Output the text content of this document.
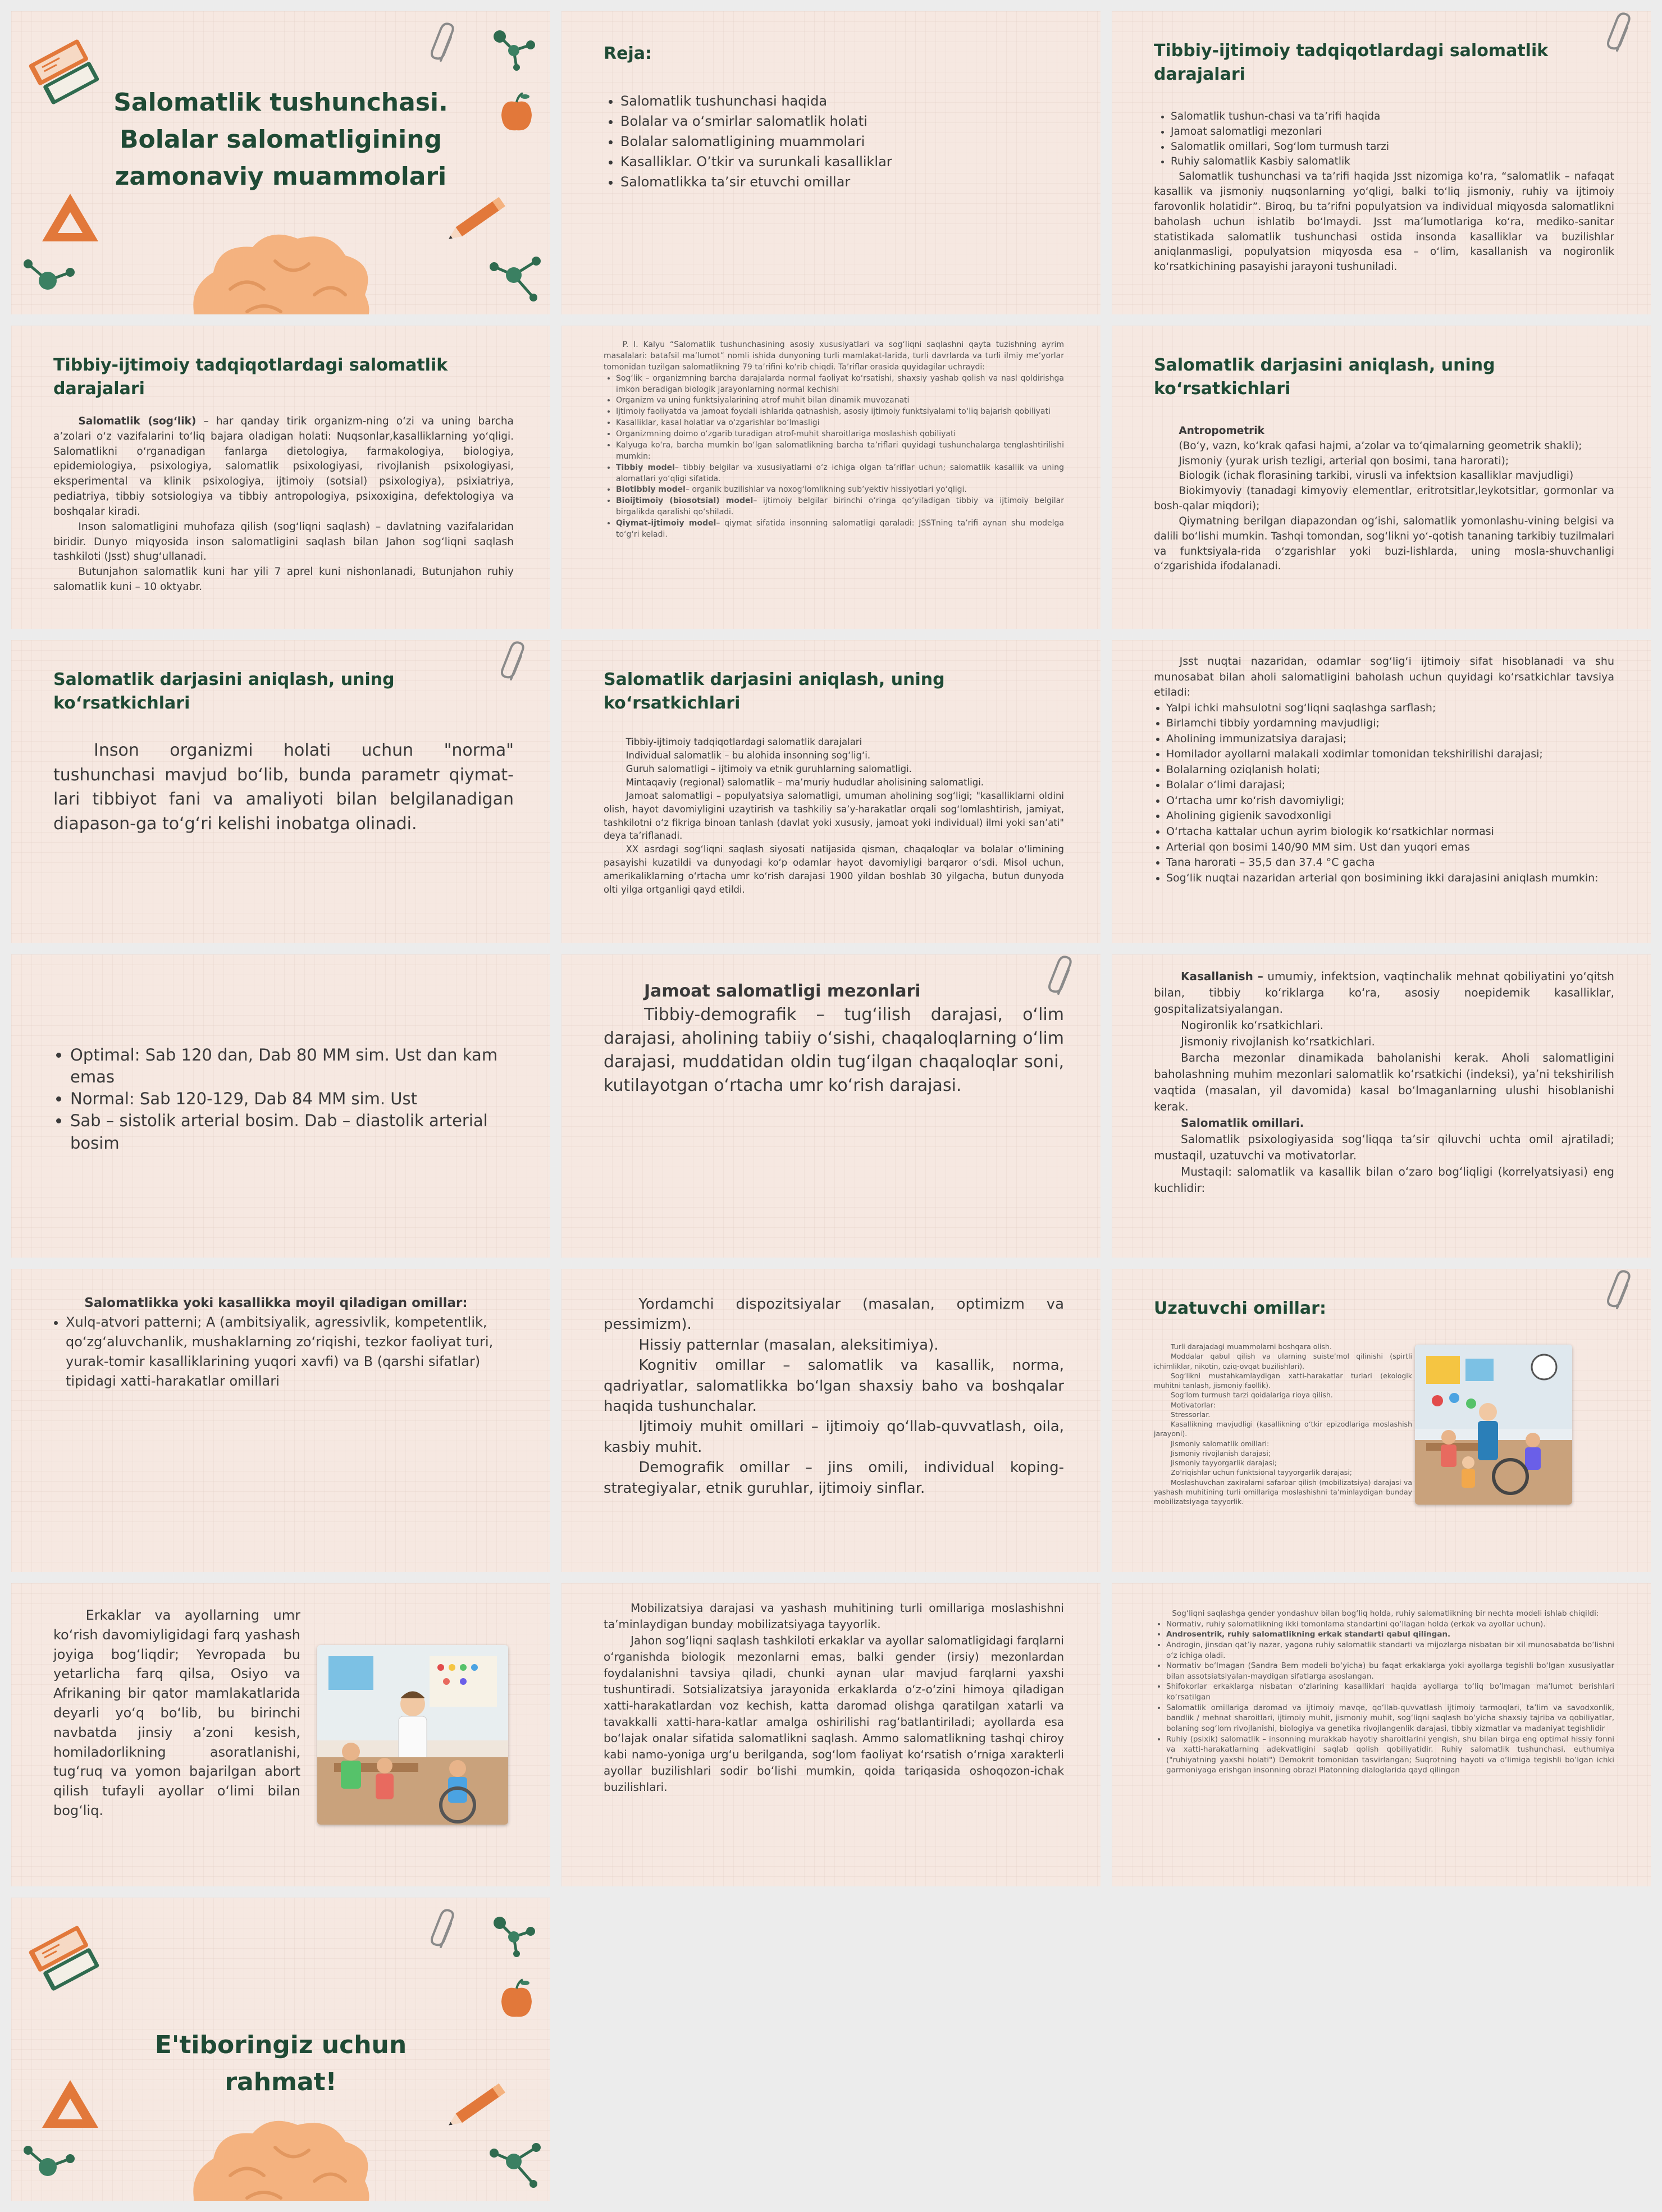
Salomatlik tushunchasi. Bolalar salomatligining zamonaviy muammolari
Reja:
• Salomatlik tushunchasi haqida
• Bolalar va o‘smirlar salomatlik holati
• Bolalar salomatligining muammolari
• Kasalliklar. O’tkir va surunkali kasalliklar
• Salomatlikka ta’sir etuvchi omillar
Tibbiy-ijtimoiy tadqiqotlardagi salomatlik darajalari
• Salomatlik tushun-chasi va ta’rifi haqida
• Jamoat salomatligi mezonlari
• Salomatlik omillari, Sog‘lom turmush tarzi
• Ruhiy salomatlik Kasbiy salomatlik

Salomatlik tushunchasi va ta’rifi haqida Jsst nizomiga ko‘ra, “salomatlik – nafaqat kasallik va jismoniy nuqsonlarning yo‘qligi, balki to‘liq jismoniy, ruhiy va ijtimoiy farovonlik holatidir”. Biroq, bu ta’rifni populyatsion va individual miqyosda salomatlikni baholash uchun ishlatib bo‘lmaydi. Jsst ma’lumotlariga ko‘ra, mediko-sanitar statistikada salomatlik tushunchasi ostida insonda kasalliklar va buzilishlar aniqlanmasligi, populyatsion miqyosda esa – o‘lim, kasallanish va nogironlik ko‘rsatkichining pasayishi jarayoni tushuniladi.

Tibbiy-ijtimoiy tadqiqotlardagi salomatlik darajalari

Salomatlik (sog‘lik) – har qanday tirik organizm-ning o‘zi va uning barcha a’zolari o‘z vazifalarini to‘liq bajara oladigan holati: Nuqsonlar,kasalliklarning yo‘qligi. Salomatlikni o‘rganadigan fanlarga dietologiya, farmakologiya, biologiya, epidemiologiya, psixologiya, salomatlik psixologiyasi, rivojlanish psixologiyasi, eksperimental va klinik psixologiya, ijtimoiy (sotsial) psixologiya), psixiatriya, pediatriya, tibbiy sotsiologiya va tibbiy antropologiya, psixoxigina, defektologiya va boshqalar kiradi.

Inson salomatligini muhofaza qilish (sog‘liqni saqlash) – davlatning vazifalaridan biridir. Dunyo miqyosida inson salomatligini saqlash bilan Jahon sog‘liqni saqlash tashkiloti (Jsst) shug‘ullanadi.

Butunjahon salomatlik kuni har yili 7 aprel kuni nishonlanadi, Butunjahon ruhiy salomatlik kuni – 10 oktyabr.

P. I. Kalyu “Salomatlik tushunchasining asosiy xususiyatlari va sog‘liqni saqlashni qayta tuzishning ayrim masalalari: batafsil ma’lumot” nomli ishida dunyoning turli mamlakat-larida, turli davrlarda va turli ilmiy me’yorlar tomonidan tuzilgan salomatlikning 79 ta’rifini ko‘rib chiqdi. Ta’riflar orasida quyidagilar uchraydi:

• Sog‘lik – organizmning barcha darajalarda normal faoliyat ko‘rsatishi, shaxsiy yashab qolish va nasl qoldirishga imkon beradigan biologik jarayonlarning normal kechishi
• Organizm va uning funktsiyalarining atrof muhit bilan dinamik muvozanati
• Ijtimoiy faoliyatda va jamoat foydali ishlarida qatnashish, asosiy ijtimoiy funktsiyalarni to‘liq bajarish qobiliyati
• Kasalliklar, kasal holatlar va o‘zgarishlar bo‘lmasligi
• Organizmning doimo o‘zgarib turadigan atrof-muhit sharoitlariga moslashish qobiliyati
• Kalyuga ko‘ra, barcha mumkin bo‘lgan salomatlikning barcha ta’riflari quyidagi tushunchalarga tenglashtirilishi mumkin:
• Tibbiy model– tibbiy belgilar va xususiyatlarni o‘z ichiga olgan ta’riflar uchun; salomatlik kasallik va uning alomatlari yo‘qligi sifatida.
• Biotibbiy model– organik buzilishlar va noxog‘lomlikning sub’yektiv hissiyotlari yo‘qligi.
• Bioijtimoiy (biosotsial) model– ijtimoiy belgilar birinchi o‘ringa qo‘yiladigan tibbiy va ijtimoiy belgilar birgalikda qaralishi qo‘shiladi.
• Qiymat-ijtimoiy model– qiymat sifatida insonning salomatligi qaraladi: JSSTning ta’rifi aynan shu modelga to‘g‘ri keladi.
Salomatlik darjasini aniqlash, uning ko‘rsatkichlari

Antropometrik

(Bo‘y, vazn, ko‘krak qafasi hajmi, a’zolar va to‘qimalarning geometrik shakli);

Jismoniy (yurak urish tezligi, arterial qon bosimi, tana harorati);

Biologik (ichak florasining tarkibi, virusli va infektsion kasalliklar mavjudligi)

Biokimyoviy (tanadagi kimyoviy elementlar, eritrotsitlar,leykotsitlar, gormonlar va bosh-qalar miqdori);

Qiymatning berilgan diapazondan og‘ishi, salomatlik yomonlashu-vining belgisi va dalili bo‘lishi mumkin. Tashqi tomondan, sog‘likni yo‘-qotish tananing tarkibiy tuzilmalari va funktsiyala-rida o‘zgarishlar yoki buzi-lishlarda, uning mosla-shuvchanligi o‘zgarishida ifodalanadi.

Salomatlik darjasini aniqlash, uning ko‘rsatkichlari

Inson organizmi holati uchun "norma" tushunchasi mavjud bo‘lib, bunda parametr qiymat-lari tibbiyot fani va amaliyoti bilan belgilanadigan diapason-ga to‘g‘ri kelishi inobatga olinadi.

Salomatlik darjasini aniqlash, uning ko‘rsatkichlari

Tibbiy-ijtimoiy tadqiqotlardagi salomatlik darajalari

Individual salomatlik – bu alohida insonning sog‘lig‘i.

Guruh salomatligi – ijtimoiy va etnik guruhlarning salomatligi.

Mintaqaviy (regional) salomatlik – ma’muriy hududlar aholisining salomatligi.

Jamoat salomatligi – populyatsiya salomatligi, umuman aholining sog‘ligi; "kasalliklarni oldini olish, hayot davomiyligini uzaytirish va tashkiliy sa’y-harakatlar orqali sog‘lomlashtirish, jamiyat, tashkilotni o‘z fikriga binoan tanlash (davlat yoki xususiy, jamoat yoki individual) ilmi yoki san’ati" deya ta’riflanadi.

XX asrdagi sog‘liqni saqlash siyosati natijasida qisman, chaqaloqlar va bolalar o‘limining pasayishi kuzatildi va dunyodagi ko‘p odamlar hayot davomiyligi barqaror o‘sdi. Misol uchun, amerikaliklarning o‘rtacha umr ko‘rish darajasi 1900 yildan boshlab 30 yilgacha, butun dunyoda olti yilga ortganligi qayd etildi.

Jsst nuqtai nazaridan, odamlar sog‘lig‘i ijtimoiy sifat hisoblanadi va shu munosabat bilan aholi salomatligini baholash uchun quyidagi ko‘rsatkichlar tavsiya etiladi:

• Yalpi ichki mahsulotni sog‘liqni saqlashga sarflash;
• Birlamchi tibbiy yordamning mavjudligi;
• Aholining immunizatsiya darajasi;
• Homilador ayollarni malakali xodimlar tomonidan tekshirilishi darajasi;
• Bolalarning oziqlanish holati;
• Bolalar o‘limi darajasi;
• O‘rtacha umr ko‘rish davomiyligi;
• Aholining gigienik savodxonligi
• O‘rtacha kattalar uchun ayrim biologik ko‘rsatkichlar normasi
• Arterial qon bosimi 140/90 MM sim. Ust dan yuqori emas
• Tana harorati – 35,5 dan 37.4 °C gacha
• Sog‘lik nuqtai nazaridan arterial qon bosimining ikki darajasini aniqlash mumkin:
• Optimal: Sab 120 dan, Dab 80 MM sim. Ust dan kam emas
• Normal: Sab 120-129, Dab 84 MM sim. Ust
• Sab – sistolik arterial bosim. Dab – diastolik arterial bosim

Jamoat salomatligi mezonlari

Tibbiy-demografik – tug‘ilish darajasi, o‘lim darajasi, aholining tabiiy o‘sishi, chaqaloqlarning o‘lim darajasi, muddatidan oldin tug‘ilgan chaqaloqlar soni, kutilayotgan o‘rtacha umr ko‘rish darajasi.

Kasallanish – umumiy, infektsion, vaqtinchalik mehnat qobiliyatini yo‘qitsh bilan, tibbiy ko‘riklarga ko‘ra, asosiy noepidemik kasalliklar, gospitalizatsiyalangan.

Nogironlik ko‘rsatkichlari.

Jismoniy rivojlanish ko‘rsatkichlari.

Barcha mezonlar dinamikada baholanishi kerak. Aholi salomatligini baholashning muhim mezonlari salomatlik ko‘rsatkichi (indeksi), ya’ni tekshirilish vaqtida (masalan, yil davomida) kasal bo‘lmaganlarning ulushi hisoblanishi kerak.

Salomatlik omillari.

Salomatlik psixologiyasida sog‘liqqa ta’sir qiluvchi uchta omil ajratiladi; mustaqil, uzatuvchi va motivatorlar.

Mustaqil: salomatlik va kasallik bilan o‘zaro bog‘liqligi (korrelyatsiyasi) eng kuchlidir:

Salomatlikka yoki kasallikka moyil qiladigan omillar:

• Xulq-atvori patterni; A (ambitsiyalik, agressivlik, kompetentlik, qo‘zg‘aluvchanlik, mushaklarning zo‘riqishi, tezkor faoliyat turi, yurak-tomir kasalliklarining yuqori xavfi) va B (qarshi sifatlar) tipidagi xatti-harakatlar omillari

Yordamchi dispozitsiyalar (masalan, optimizm va pessimizm).

Hissiy patternlar (masalan, aleksitimiya).

Kognitiv omillar – salomatlik va kasallik, norma, qadriyatlar, salomatlikka bo‘lgan shaxsiy baho va boshqalar haqida tushunchalar.

Ijtimoiy muhit omillari – ijtimoiy qo‘llab-quvvatlash, oila, kasbiy muhit.

Demografik omillar – jins omili, individual koping-strategiyalar, etnik guruhlar, ijtimoiy sinflar.

Uzatuvchi omillar:

Turli darajadagi muammolarni boshqara olish.

Moddalar qabul qilish va ularning suiste’mol qilinishi (spirtli ichimliklar, nikotin, oziq-ovqat buzilishlari).

Sog‘likni mustahkamlaydigan xatti-harakatlar turlari (ekologik muhitni tanlash, jismoniy faollik).

Sog‘lom turmush tarzi qoidalariga rioya qilish.

Motivatorlar:

Stressorlar.

Kasallikning mavjudligi (kasallikning o‘tkir epizodlariga moslashish jarayoni).

Jismoniy salomatlik omillari:

Jismoniy rivojlanish darajasi;

Jismoniy tayyorgarlik darajasi;

Zo‘riqishlar uchun funktsional tayyorgarlik darajasi;

Moslashuvchan zaxiralarni safarbar qilish (mobilizatsiya) darajasi va yashash muhitining turli omillariga moslashishni ta’minlaydigan bunday mobilizatsiyaga tayyorlik.

Erkaklar va ayollarning umr ko‘rish davomiyligidagi farq yashash joyiga bog‘liqdir; Yevropada bu yetarlicha farq qilsa, Osiyo va Afrikaning bir qator mamlakatlarida deyarli yo‘q bo‘lib, bu birinchi navbatda jinsiy a’zoni kesish, homiladorlikning asoratlanishi, tug‘ruq va yomon bajarilgan abort qilish tufayli ayollar o‘limi bilan bog‘liq.

Mobilizatsiya darajasi va yashash muhitining turli omillariga moslashishni ta’minlaydigan bunday mobilizatsiyaga tayyorlik.

Jahon sog‘liqni saqlash tashkiloti erkaklar va ayollar salomatligidagi farqlarni o‘rganishda biologik mezonlarni emas, balki gender (irsiy) mezonlardan foydalanishni tavsiya qiladi, chunki aynan ular mavjud farqlarni yaxshi tushuntiradi. Sotsializatsiya jarayonida erkaklarda o‘z-o‘zini himoya qiladigan xatti-harakatlardan voz kechish, katta daromad olishga qaratilgan xatarli va tavakkalli xatti-hara-katlar amalga oshirilishi rag‘batlantiriladi; ayollarda esa bo‘lajak onalar sifatida salomatlikni saqlash. Ammo salomatlikning tashqi chiroy kabi namo-yoniga urg‘u berilganda, sog‘lom faoliyat ko‘rsatish o‘rniga xarakterli ayollar buzilishlari sodir bo‘lishi mumkin, qoida tariqasida oshoqozon-ichak buzilishlari.

Sog‘liqni saqlashga gender yondashuv bilan bog‘liq holda, ruhiy salomatlikning bir nechta modeli ishlab chiqildi:

• Normativ, ruhiy salomatlikning ikki tomonlama standartini qo‘llagan holda (erkak va ayollar uchun).
• Androsentrik, ruhiy salomatlikning erkak standarti qabul qilingan.
• Androgin, jinsdan qat’iy nazar, yagona ruhiy salomatlik standarti va mijozlarga nisbatan bir xil munosabatda bo‘lishni o‘z ichiga oladi.
• Normativ bo‘lmagan (Sandra Bem modeli bo‘yicha) bu faqat erkaklarga yoki ayollarga tegishli bo‘lgan xususiyatlar bilan assotsiatsiyalan-maydigan sifatlarga asoslangan.
• Shifokorlar erkaklarga nisbatan o‘zlarining kasalliklari haqida ayollarga to‘liq bo‘lmagan ma’lumot berishlari ko‘rsatilgan
• Salomatlik omillariga daromad va ijtimoiy mavqe, qo‘llab-quvvatlash ijtimoiy tarmoqlari, ta’lim va savodxonlik, bandlik / mehnat sharoitlari, ijtimoiy muhit, jismoniy muhit, sog‘liqni saqlash bo‘yicha shaxsiy tajriba va qobiliyatlar, bolaning sog‘lom rivojlanishi, biologiya va genetika rivojlangenlik darajasi, tibbiy xizmatlar va madaniyat tegishlidir
• Ruhiy (psixik) salomatlik – insonning murakkab hayotiy sharoitlarini yengish, shu bilan birga eng optimal hissiy fonni va xatti-harakatlarning adekvatligini saqlab qolish qobiliyatidir. Ruhiy salomatlik tushunchasi, euthumiya ("ruhiyatning yaxshi holati") Demokrit tomonidan tasvirlangan; Suqrotning hayoti va o‘limiga tegishli bo‘lgan ichki garmoniyaga erishgan insonning obrazi Platonning dialoglarida qayd qilingan
E'tiboringiz uchun rahmat!
